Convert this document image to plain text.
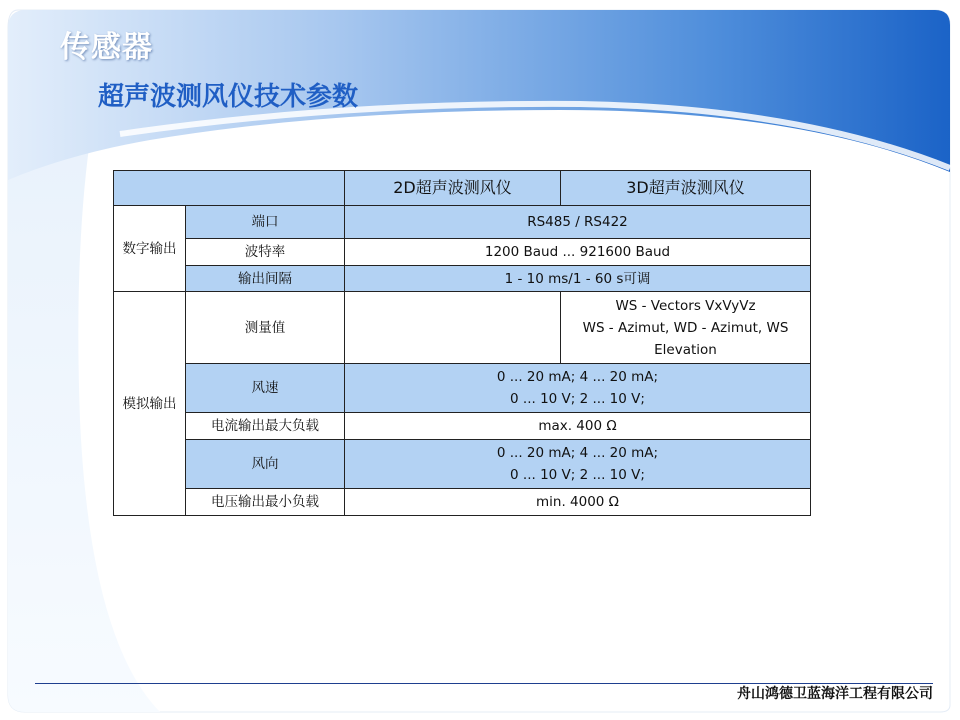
传感器
超声波测风仪技术参数
		2D超声波测风仪	3D超声波测风仪
数字输出	端口	RS485 / RS422	
	波特率	1200 Baud ... 921600 Baud	
	输出间隔	1 - 10 ms/1 - 60 s可调	
模拟输出	测量值		WS - Vectors VxVyVz
WS - Azimut, WD - Azimut, WS Elevation

	风速	0 ... 20 mA; 4 ... 20 mA;
0 ... 10 V; 2 ... 10 V;	

	电流输出最大负载	max. 400 Ω	
	风向	0 ... 20 mA; 4 ... 20 mA;
0 ... 10 V; 2 ... 10 V;	

	电压输出最小负载	min. 4000 Ω	
舟山鸿德卫蓝海洋工程有限公司
